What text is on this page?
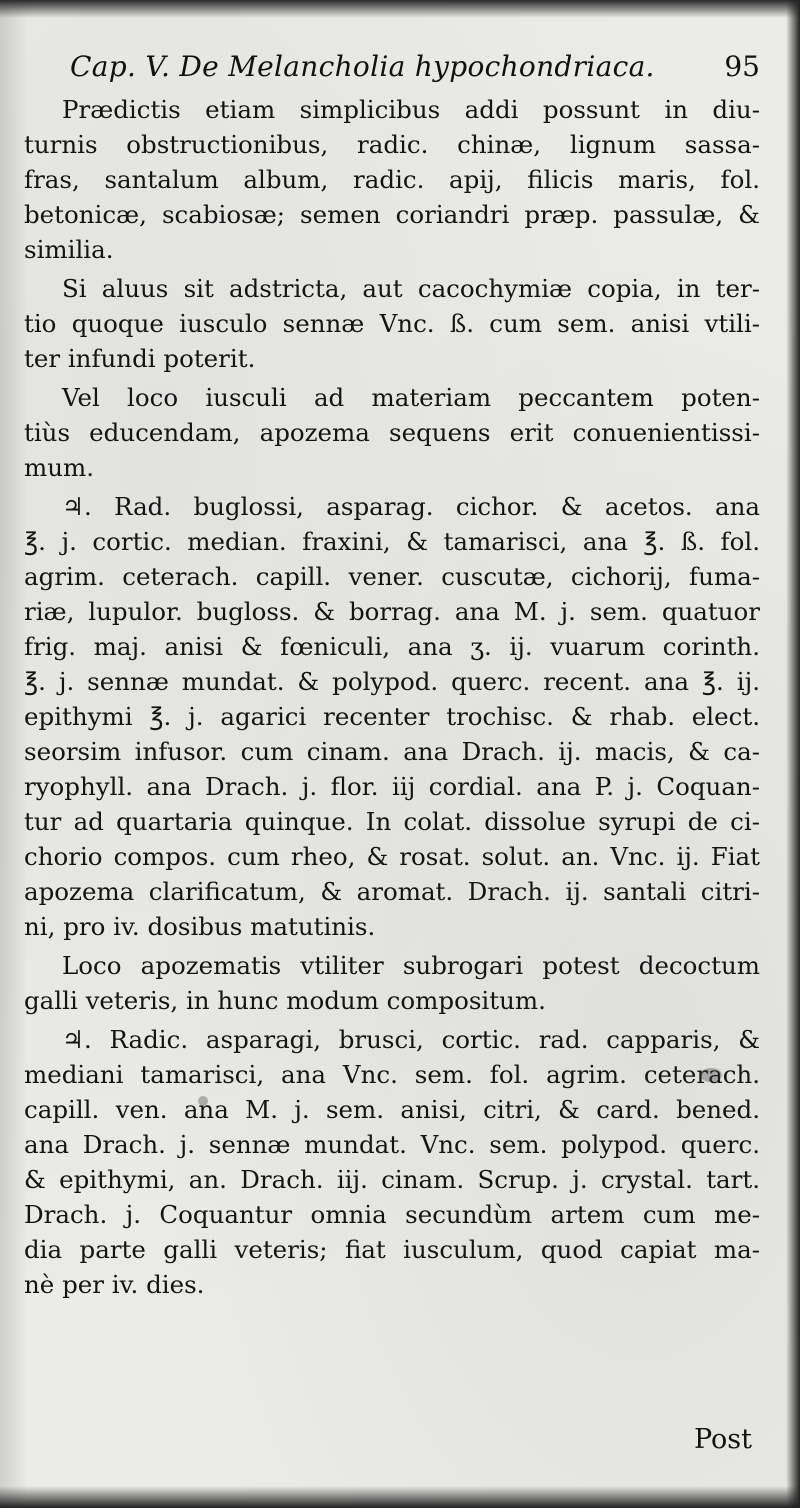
Cap. V. De Melancholia hypochondriaca. 95
Prædictis etiam simplicibus addi possunt in diu-
turnis obstructionibus, radic. chinæ, lignum sassa-
fras, santalum album, radic. apij, filicis maris, fol.
betonicæ, scabiosæ; semen coriandri præp. passulæ, &
similia.
Si aluus sit adstricta, aut cacochymiæ copia, in ter-
tio quoque iusculo sennæ Vnc. ß. cum sem. anisi vtili-
ter infundi poterit.
Vel loco iusculi ad materiam peccantem poten-
tiùs educendam, apozema sequens erit conuenientissi-
mum.
♃. Rad. buglossi, asparag. cichor. & acetos. ana
℥. j. cortic. median. fraxini, & tamarisci, ana ℥. ß. fol.
agrim. ceterach. capill. vener. cuscutæ, cichorij, fuma-
riæ, lupulor. bugloss. & borrag. ana M. j. sem. quatuor
frig. maj. anisi & fœniculi, ana ʒ. ij. vuarum corinth.
℥. j. sennæ mundat. & polypod. querc. recent. ana ℥. ij.
epithymi ℥. j. agarici recenter trochisc. & rhab. elect.
seorsim infusor. cum cinam. ana Drach. ij. macis, & ca-
ryophyll. ana Drach. j. flor. iij cordial. ana P. j. Coquan-
tur ad quartaria quinque. In colat. dissolue syrupi de ci-
chorio compos. cum rheo, & rosat. solut. an. Vnc. ij. Fiat
apozema clarificatum, & aromat. Drach. ij. santali citri-
ni, pro iv. dosibus matutinis.
Loco apozematis vtiliter subrogari potest decoctum
galli veteris, in hunc modum compositum.
♃. Radic. asparagi, brusci, cortic. rad. capparis, &
mediani tamarisci, ana Vnc. sem. fol. agrim. ceterach.
capill. ven. ana M. j. sem. anisi, citri, & card. bened.
ana Drach. j. sennæ mundat. Vnc. sem. polypod. querc.
& epithymi, an. Drach. iij. cinam. Scrup. j. crystal. tart.
Drach. j. Coquantur omnia secundùm artem cum me-
dia parte galli veteris; fiat iusculum, quod capiat ma-
nè per iv. dies.
Post
